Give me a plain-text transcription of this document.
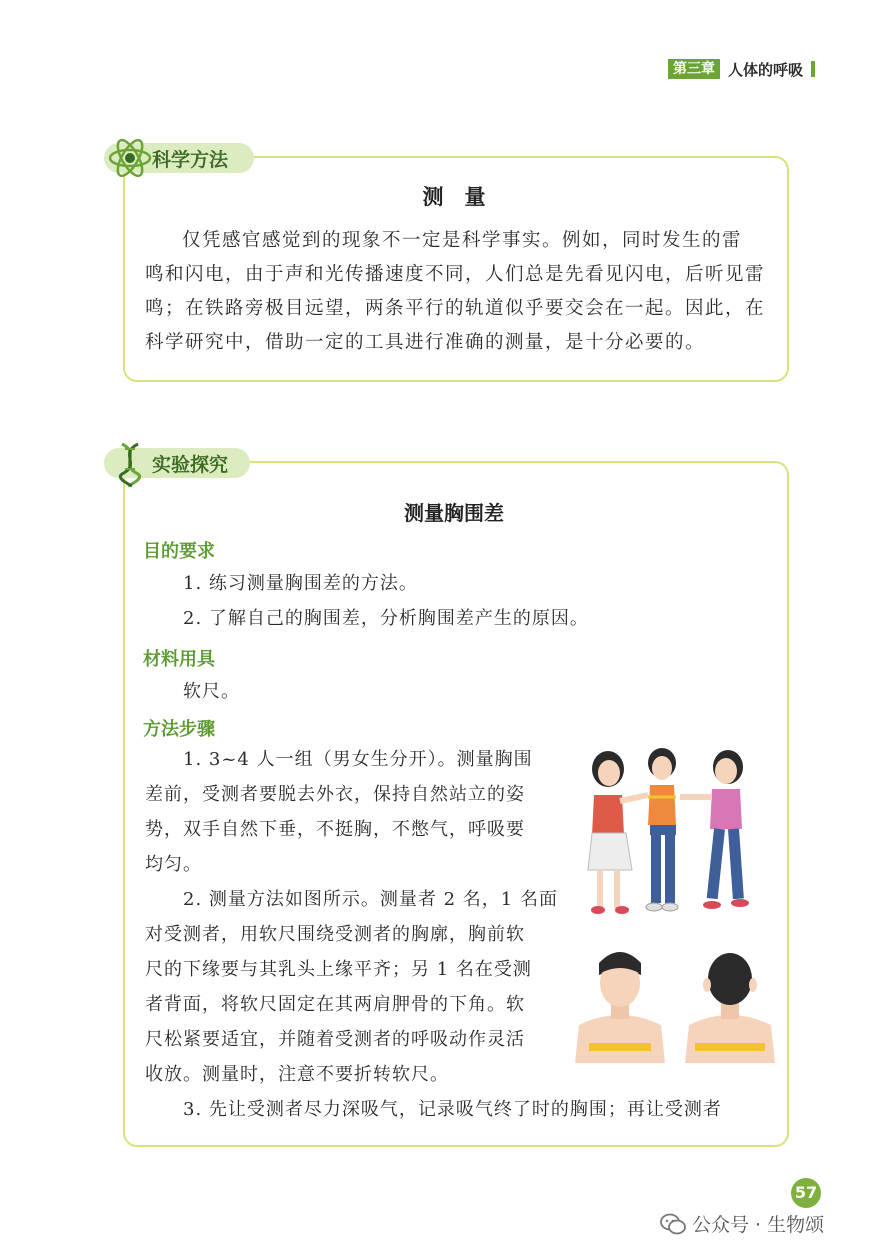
第三章 人体的呼吸
科学方法
测　量
仅凭感官感觉到的现象不一定是科学事实。例如，同时发生的雷
鸣和闪电，由于声和光传播速度不同，人们总是先看见闪电，后听见雷
鸣；在铁路旁极目远望，两条平行的轨道似乎要交会在一起。因此，在
科学研究中，借助一定的工具进行准确的测量，是十分必要的。
实验探究
测量胸围差
目的要求
1. 练习测量胸围差的方法。
2. 了解自己的胸围差，分析胸围差产生的原因。
材料用具
软尺。
方法步骤
1. 3~4 人一组（男女生分开）。测量胸围
差前，受测者要脱去外衣，保持自然站立的姿
势，双手自然下垂，不挺胸，不憋气，呼吸要
均匀。
2. 测量方法如图所示。测量者 2 名，1 名面
对受测者，用软尺围绕受测者的胸廓，胸前软
尺的下缘要与其乳头上缘平齐；另 1 名在受测
者背面，将软尺固定在其两肩胛骨的下角。软
尺松紧要适宜，并随着受测者的呼吸动作灵活
收放。测量时，注意不要折转软尺。
3. 先让受测者尽力深吸气，记录吸气终了时的胸围；再让受测者
57
公众号 · 生物颂
